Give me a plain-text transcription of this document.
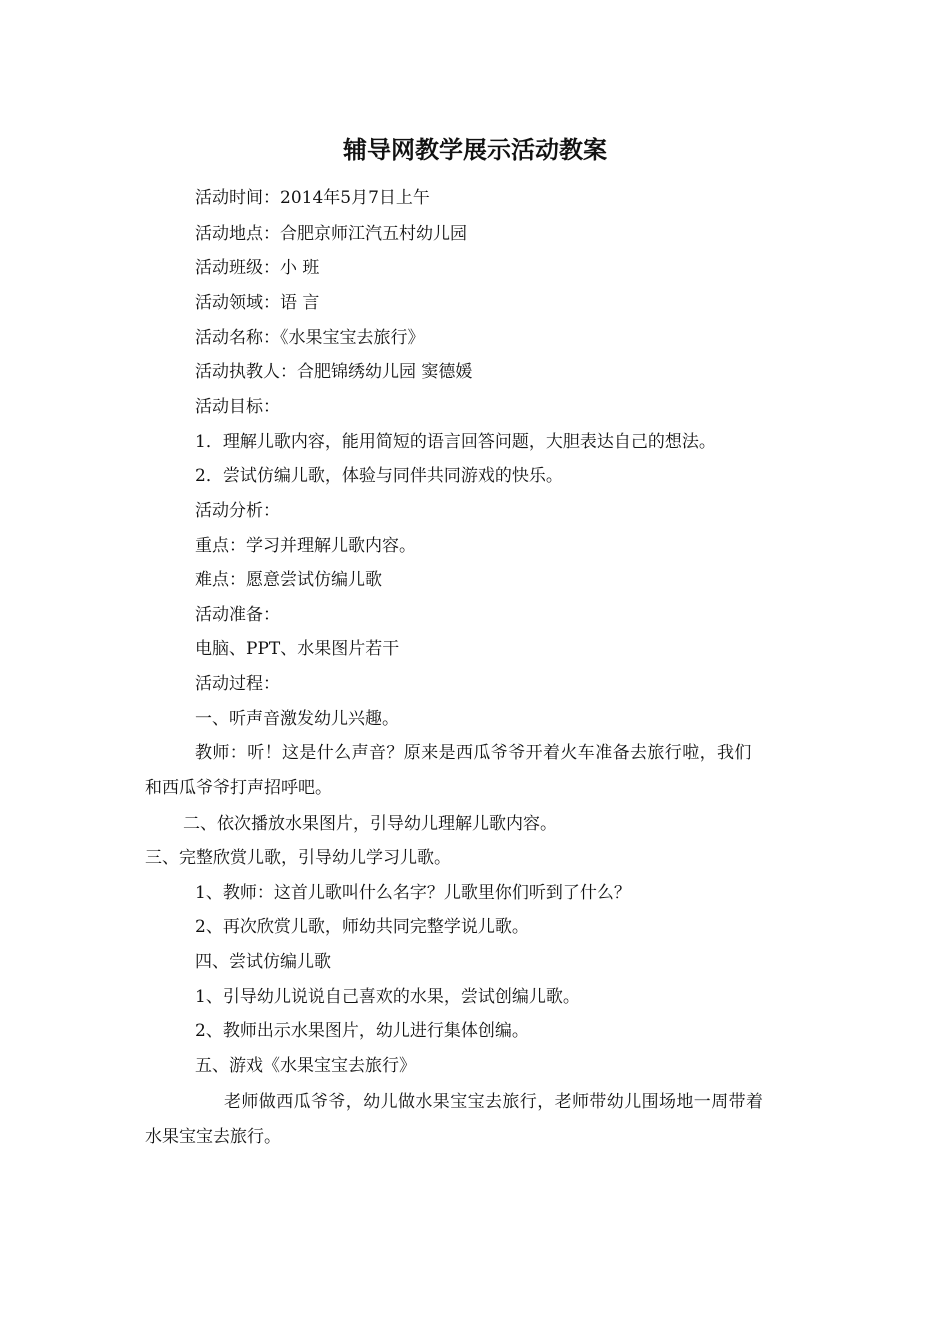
辅导网教学展示活动教案
活动时间：2014年5月7日上午
活动地点：合肥京师江汽五村幼儿园
活动班级：小 班
活动领域：语 言
活动名称：《水果宝宝去旅行》
活动执教人：合肥锦绣幼儿园 窦德媛
活动目标：
1．理解儿歌内容，能用简短的语言回答问题，大胆表达自己的想法。
2．尝试仿编儿歌，体验与同伴共同游戏的快乐。
活动分析：
重点：学习并理解儿歌内容。
难点：愿意尝试仿编儿歌
活动准备：
电脑、PPT、水果图片若干
活动过程：
一、听声音激发幼儿兴趣。
教师：听！这是什么声音？原来是西瓜爷爷开着火车准备去旅行啦，我们
和西瓜爷爷打声招呼吧。
二、依次播放水果图片，引导幼儿理解儿歌内容。
三、完整欣赏儿歌，引导幼儿学习儿歌。
1、教师：这首儿歌叫什么名字？儿歌里你们听到了什么？
2、再次欣赏儿歌，师幼共同完整学说儿歌。
四、尝试仿编儿歌
1、引导幼儿说说自己喜欢的水果，尝试创编儿歌。
2、教师出示水果图片，幼儿进行集体创编。
五、游戏《水果宝宝去旅行》
老师做西瓜爷爷，幼儿做水果宝宝去旅行，老师带幼儿围场地一周带着
水果宝宝去旅行。
